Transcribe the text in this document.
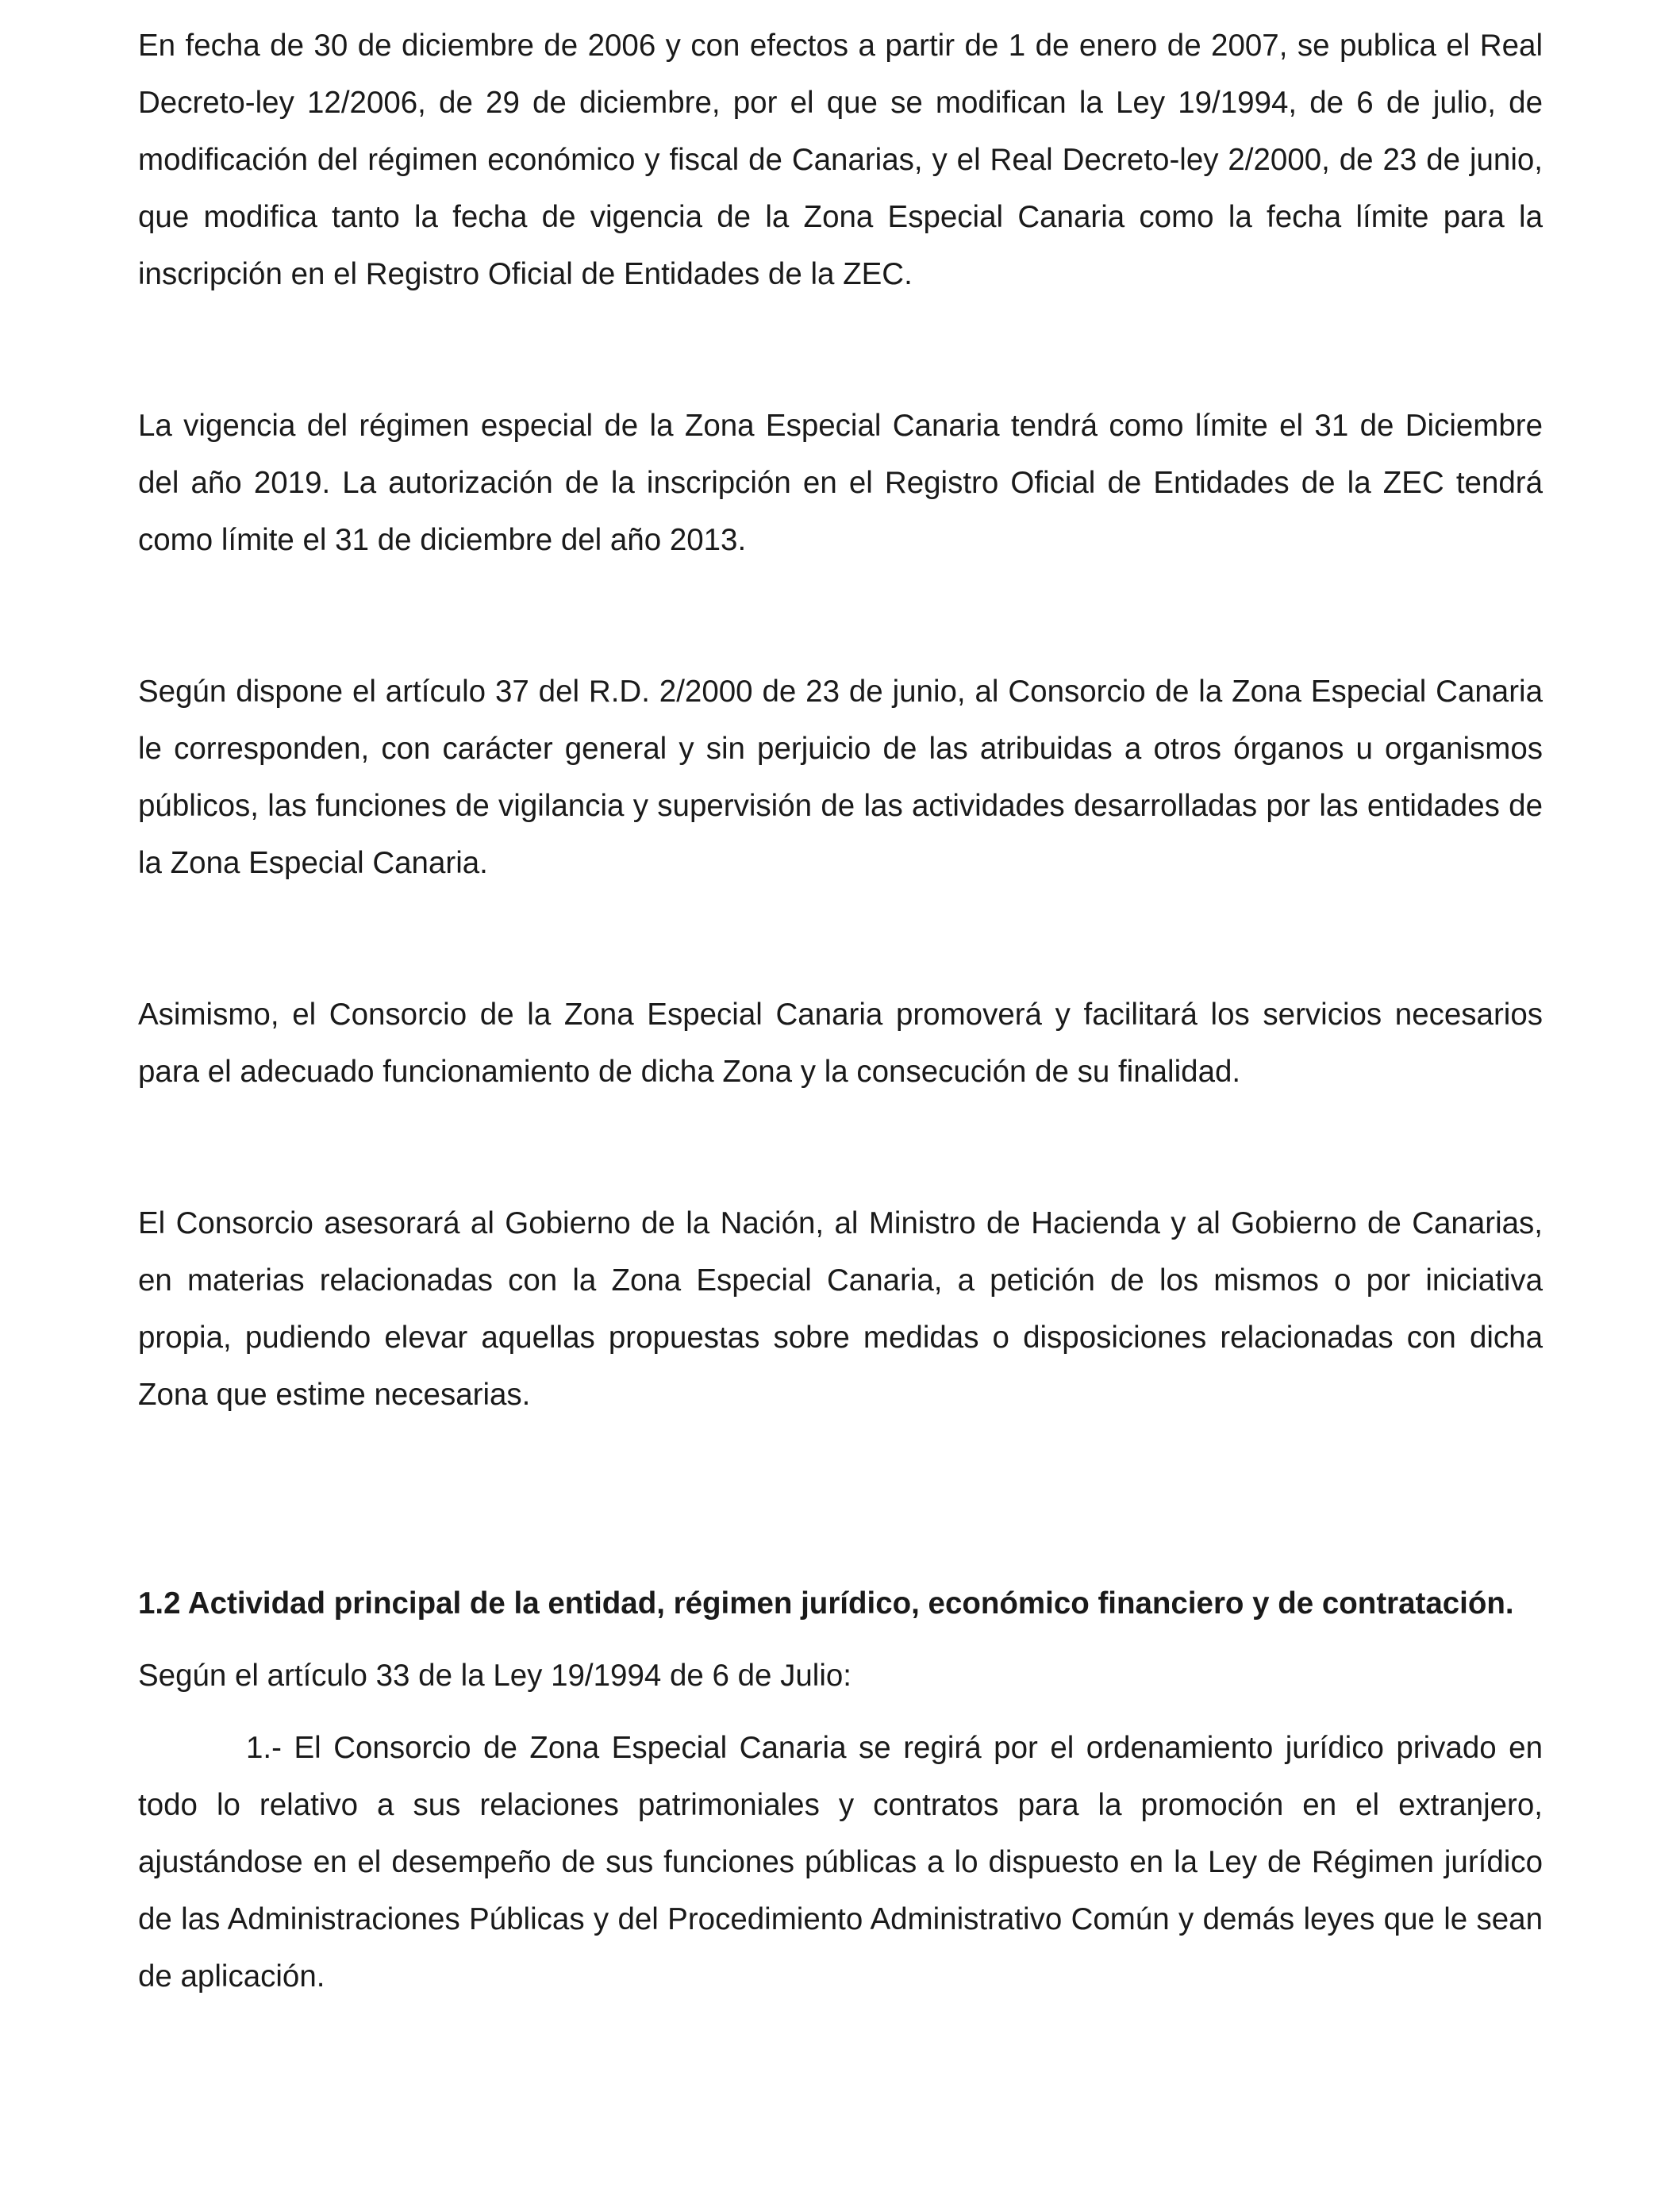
En fecha de 30 de diciembre de 2006 y con efectos a partir de 1 de enero de 2007, se publica el Real Decreto-ley 12/2006, de 29 de diciembre, por el que se modifican la Ley 19/1994, de 6 de julio, de modificación del régimen económico y fiscal de Canarias, y el Real Decreto-ley 2/2000, de 23 de junio, que modifica tanto la fecha de vigencia de la Zona Especial Canaria como la fecha límite para la inscripción en el Registro Oficial de Entidades de la ZEC.

La vigencia del régimen especial de la Zona Especial Canaria tendrá como límite el 31 de Diciembre del año 2019. La autorización de la inscripción en el Registro Oficial de Entidades de la ZEC tendrá como límite el 31 de diciembre del año 2013.

Según dispone el artículo 37 del R.D. 2/2000 de 23 de junio, al Consorcio de la Zona Especial Canaria le corresponden, con carácter general y sin perjuicio de las atribuidas a otros órganos u organismos públicos, las funciones de vigilancia y supervisión de las actividades desarrolladas por las entidades de la Zona Especial Canaria.

Asimismo, el Consorcio de la Zona Especial Canaria promoverá y facilitará los servicios necesarios para el adecuado funcionamiento de dicha Zona y la consecución de su finalidad.

El Consorcio asesorará al Gobierno de la Nación, al Ministro de Hacienda y al Gobierno de Canarias, en materias relacionadas con la Zona Especial Canaria, a petición de los mismos o por iniciativa propia, pudiendo elevar aquellas propuestas sobre medidas o disposiciones relacionadas con dicha Zona que estime necesarias.

1.2 Actividad principal de la entidad, régimen jurídico, económico financiero y de contratación.

Según el artículo 33 de la Ley 19/1994 de 6 de Julio:

1.- El Consorcio de Zona Especial Canaria se regirá por el ordenamiento jurídico privado en todo lo relativo a sus relaciones patrimoniales y contratos para la promoción en el extranjero, ajustándose en el desempeño de sus funciones públicas a lo dispuesto en la Ley de Régimen jurídico de las Administraciones Públicas y del Procedimiento Administrativo Común y demás leyes que le sean de aplicación.
